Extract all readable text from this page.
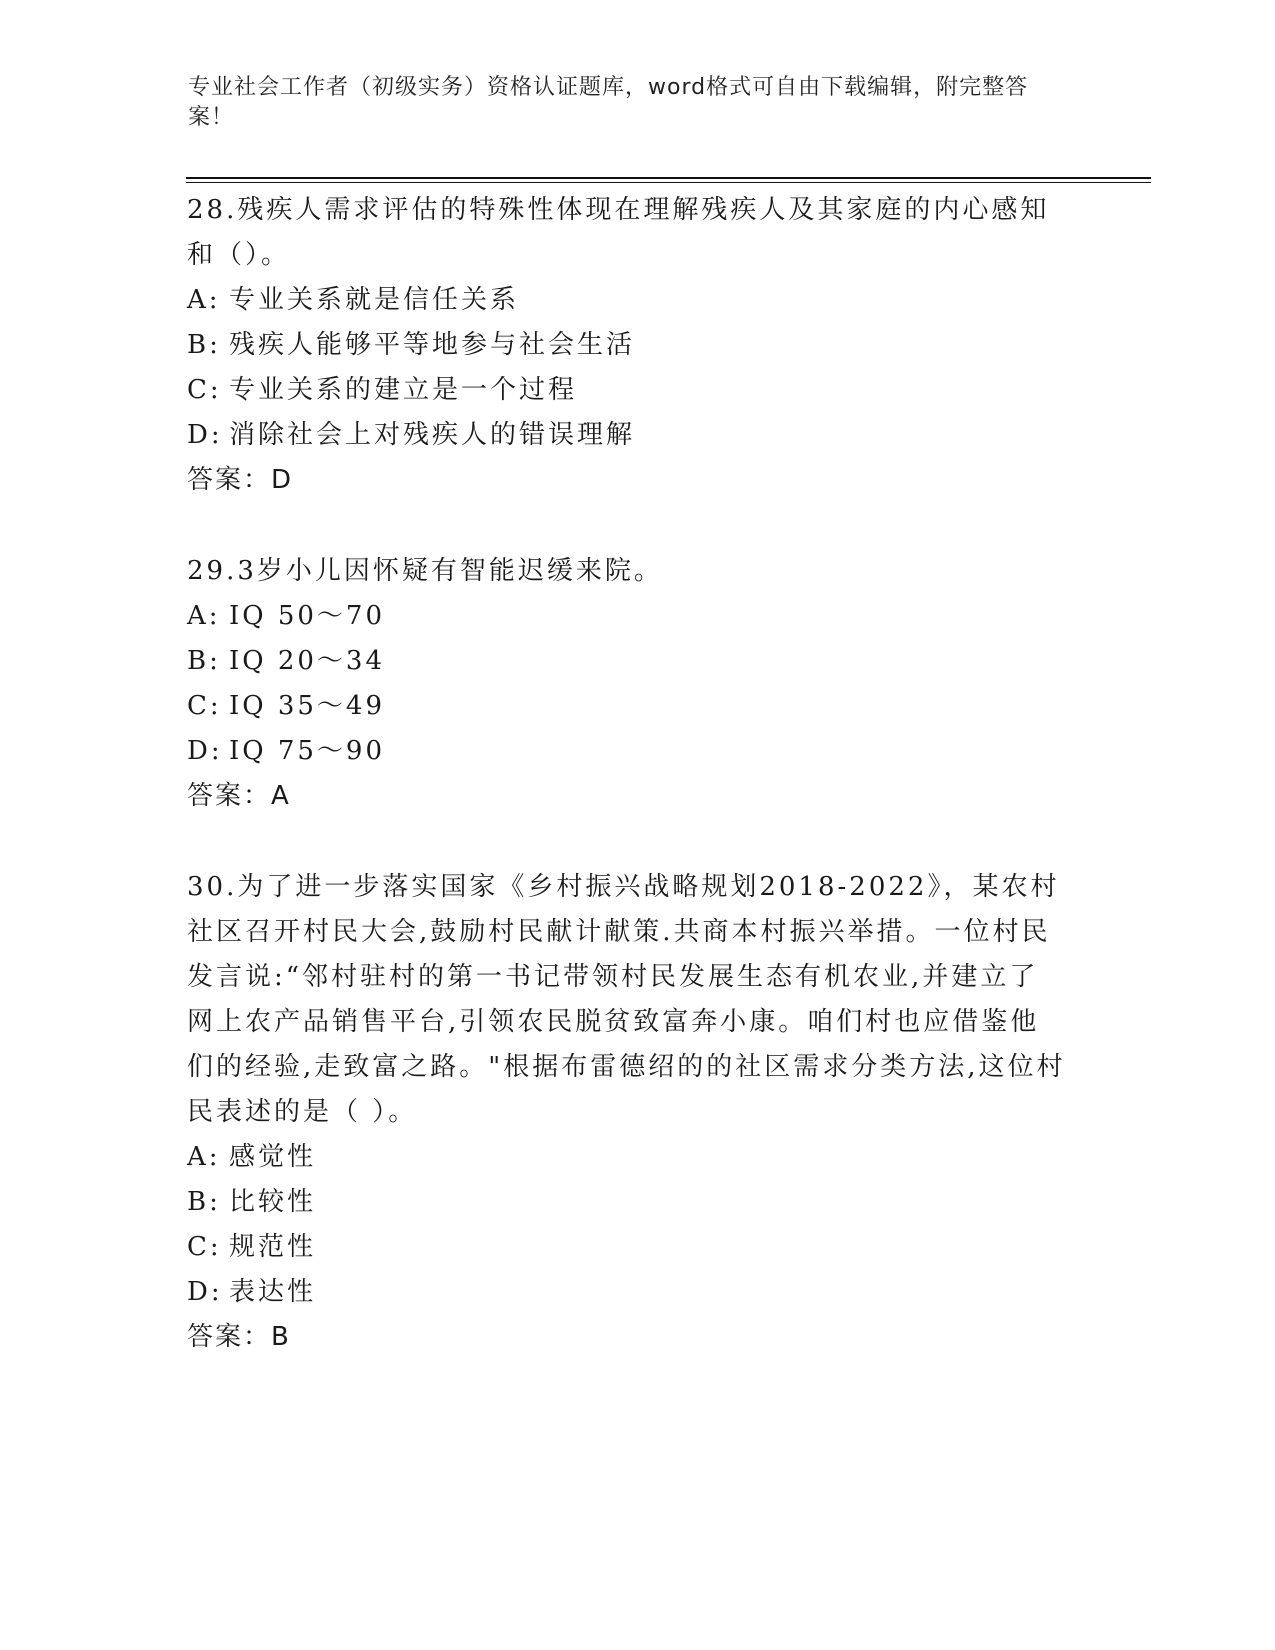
专业社会工作者（初级实务）资格认证题库，word格式可自由下载编辑，附完整答案！

28.残疾人需求评估的特殊性体现在理解残疾人及其家庭的内心感知和（）。

A: 专业关系就是信任关系
B: 残疾人能够平等地参与社会生活
C: 专业关系的建立是一个过程
D: 消除社会上对残疾人的错误理解
答案：D

29.3岁小儿因怀疑有智能迟缓来院。

A: IQ 50～70
B: IQ 20～34
C: IQ 35～49
D: IQ 75～90
答案：A

30.为了进一步落实国家《乡村振兴战略规划2018-2022》，某农村社区召开村民大会,鼓励村民献计献策.共商本村振兴举措。一位村民发言说:“邻村驻村的第一书记带领村民发展生态有机农业,并建立了网上农产品销售平台,引领农民脱贫致富奔小康。咱们村也应借鉴他们的经验,走致富之路。"根据布雷德绍的的社区需求分类方法,这位村民表述的是（ ）。

A: 感觉性
B: 比较性
C: 规范性
D: 表达性
答案：B
